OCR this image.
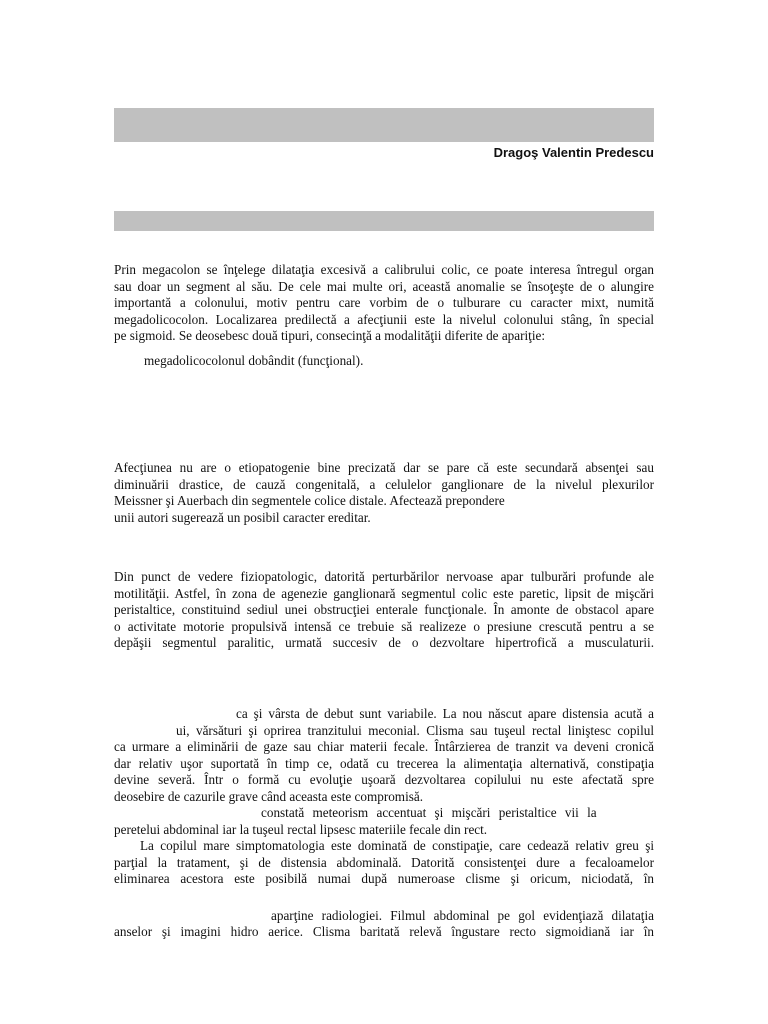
Dragoş Valentin Predescu
Prin megacolon se înţelege dilataţia excesivă a calibrului colic, ce poate interesa întregul organ
sau doar un segment al său. De cele mai multe ori, această anomalie se însoţeşte de o alungire
importantă a colonului, motiv pentru care vorbim de o tulburare cu caracter mixt, numită
megadolicocolon. Localizarea predilectă a afecţiunii este la nivelul colonului stâng, în special
pe sigmoid. Se deosebesc două tipuri, consecinţă a modalităţii diferite de apariţie:
megadolicocolonul dobândit (funcţional).
Afecţiunea nu are o etiopatogenie bine precizată dar se pare că este secundară absenţei sau
diminuării drastice, de cauză congenitală, a celulelor ganglionare de la nivelul plexurilor
Meissner şi Auerbach din segmentele colice distale. Afectează prepondere
unii autori sugerează un posibil caracter ereditar.
Din punct de vedere fiziopatologic, datorită perturbărilor nervoase apar tulburări profunde ale
motilităţii. Astfel, în zona de agenezie ganglionară segmentul colic este paretic, lipsit de mişcări
peristaltice, constituind sediul unei obstrucţiei enterale funcţionale. În amonte de obstacol apare
o activitate motorie propulsivă intensă ce trebuie să realizeze o presiune crescută pentru a se
depăşii segmentul paralitic, urmată succesiv de o dezvoltare hipertrofică a musculaturii.
ca şi vârsta de debut sunt variabile. La nou născut apare distensia acută a
ui, vărsături şi oprirea tranzitului meconial. Clisma sau tuşeul rectal liniştesc copilul
ca urmare a eliminării de gaze sau chiar materii fecale. Întârzierea de tranzit va deveni cronică
dar relativ uşor suportată în timp ce, odată cu trecerea la alimentaţia alternativă, constipaţia
devine severă. Într o formă cu evoluţie uşoară dezvoltarea copilului nu este afectată spre
deosebire de cazurile grave când aceasta este compromisă.
constată meteorism accentuat şi mişcări peristaltice vii la
peretelui abdominal iar la tuşeul rectal lipsesc materiile fecale din rect.
La copilul mare simptomatologia este dominată de constipaţie, care cedează relativ greu şi
parţial la tratament, şi de distensia abdominală. Datorită consistenţei dure a fecaloamelor
eliminarea acestora este posibilă numai după numeroase clisme şi oricum, niciodată, în
aparţine radiologiei. Filmul abdominal pe gol evidenţiază dilataţia
anselor şi imagini hidro aerice. Clisma baritată relevă îngustare recto sigmoidiană iar în
